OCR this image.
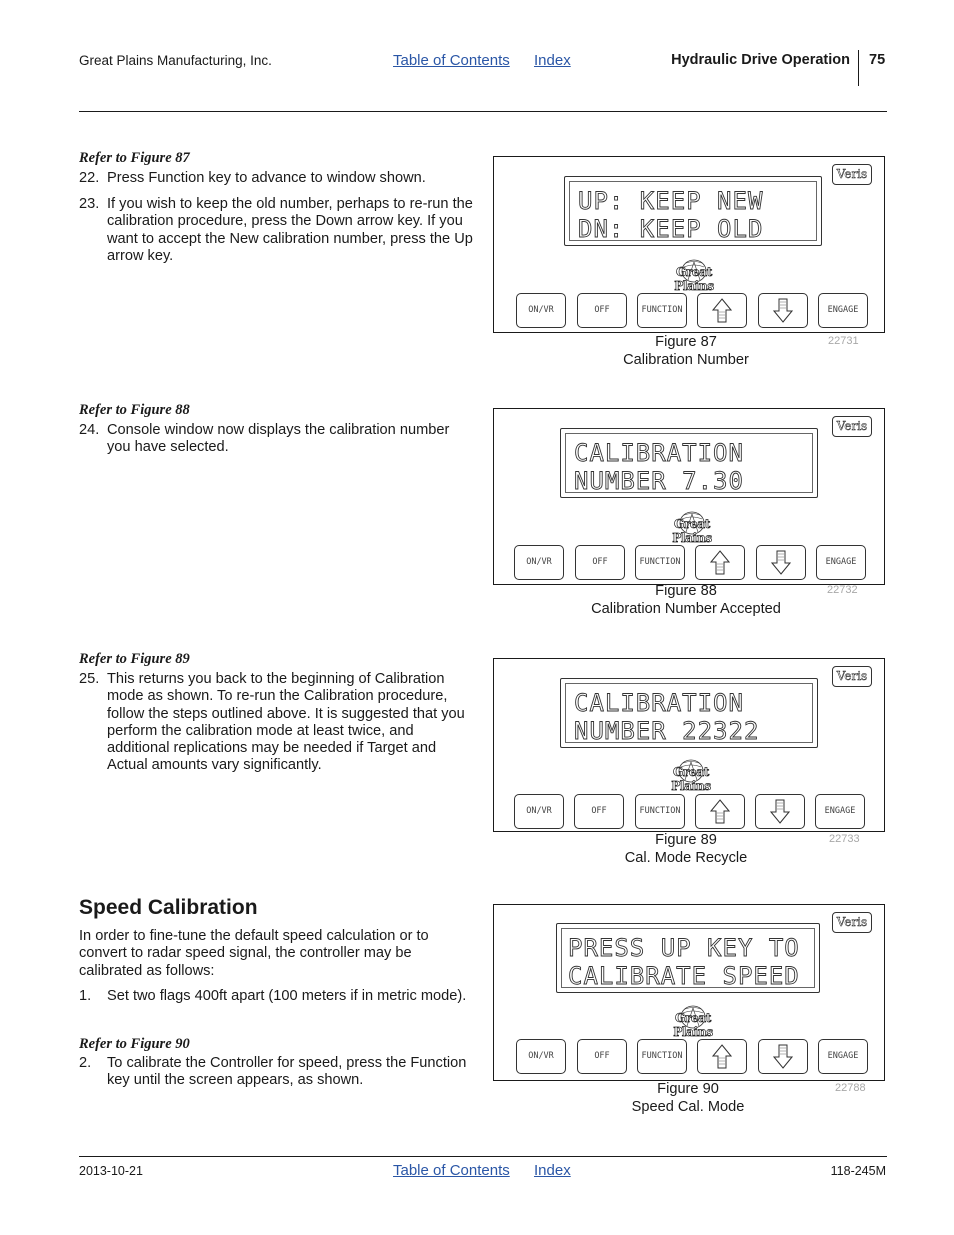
Great Plains Manufacturing, Inc.	Table of Contents Index	Hydraulic Drive Operation 75
Refer to Figure 87
22. Press Function key to advance to window shown.
23. If you wish to keep the old number, perhaps to re-run the calibration procedure, press the Down arrow key. If you want to accept the New calibration number, press the Up arrow key.
Refer to Figure 88
24. Console window now displays the calibration number you have selected.
Refer to Figure 89
25. This returns you back to the beginning of Calibration mode as shown. To re-run the Calibration procedure, follow the steps outlined above. It is suggested that you perform the calibration mode at least twice, and additional replications may be needed if Target and Actual amounts vary significantly.
Speed Calibration
In order to fine-tune the default speed calculation or to convert to radar speed signal, the controller may be calibrated as follows:
1. Set two flags 400ft apart (100 meters if in metric mode).
Refer to Figure 90
2. To calibrate the Controller for speed, press the Function key until the screen appears, as shown.
Veris
UP: KEEP NEW
DN: KEEP OLD
Great Plains
ON/VR	OFF	FUNCTION	ENGAGE
Figure 87
Calibration Number
22731
Veris
CALIBRATION
NUMBER 7.30
Great Plains
ON/VR	OFF	FUNCTION	ENGAGE
Figure 88
Calibration Number Accepted
22732
Veris
CALIBRATION
NUMBER 22322
Great Plains
ON/VR	OFF	FUNCTION	ENGAGE
Figure 89
Cal. Mode Recycle
22733
Veris
PRESS UP KEY TO
CALIBRATE SPEED
Great Plains
ON/VR	OFF	FUNCTION	ENGAGE
Figure 90
Speed Cal. Mode
22788
2013-10-21	Table of Contents Index	118-245M
